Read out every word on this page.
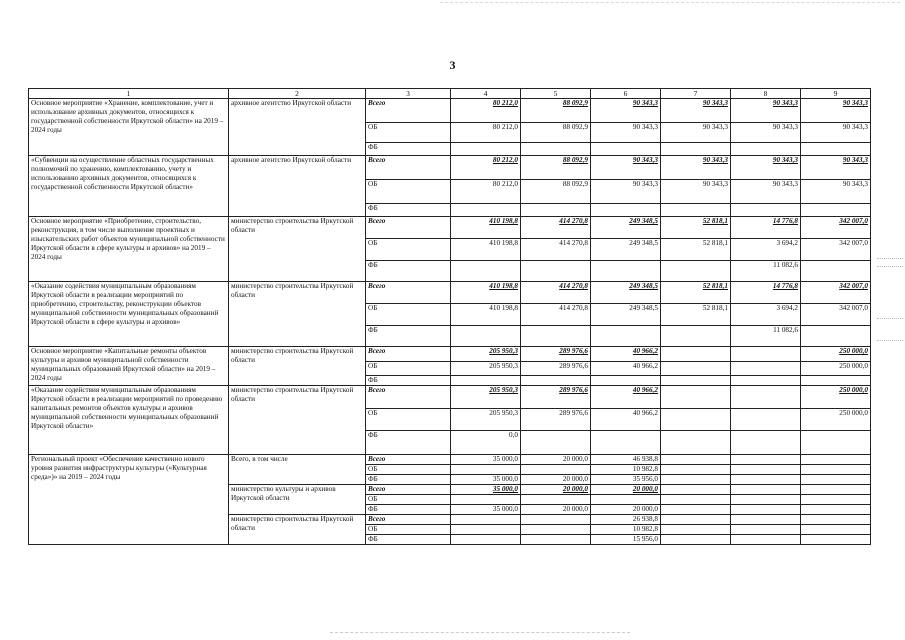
3
1	2	3	4	5	6	7	8	9
Основное мероприятие «Хранение, комплектование, учет и использование архивных документов, относящихся к государственной собственности Иркутской области» на 2019 – 2024 годы	архивное агентство Иркутской области	Всего	80 212,0	88 092,9	90 343,3	90 343,3	90 343,3	90 343,3
		ОБ	80 212,0	88 092,9	90 343,3	90 343,3	90 343,3	90 343,3
		ФБ						
«Субвенции на осуществление областных государственных полномочий по хранению, комплектованию, учету и использованию архивных документов, относящихся к государственной собственности Иркутской области»	архивное агентство Иркутской области	Всего	80 212,0	88 092,9	90 343,3	90 343,3	90 343,3	90 343,3
		ОБ	80 212,0	88 092,9	90 343,3	90 343,3	90 343,3	90 343,3
		ФБ						
Основное мероприятие «Приобретение, строительство, реконструкция, в том числе выполнение проектных и изыскательских работ объектов муниципальной собственности Иркутской области в сфере культуры и архивов» на 2019 – 2024 годы	министерство строительства Иркутской области	Всего	410 198,8	414 270,8	249 348,5	52 818,1	14 776,8	342 007,0
		ОБ	410 198,8	414 270,8	249 348,5	52 818,1	3 694,2	342 007,0
		ФБ					11 082,6	
«Оказание содействия муниципальным образованиям Иркутской области в реализации мероприятий по приобретению, строительству, реконструкции объектов муниципальной собственности муниципальных образований Иркутской области в сфере культуры и архивов»	министерство строительства Иркутской области	Всего	410 198,8	414 270,8	249 348,5	52 818,1	14 776,8	342 007,0
		ОБ	410 198,8	414 270,8	249 348,5	52 818,1	3 694,2	342 007,0
		ФБ					11 082,6	
Основное мероприятие «Капитальные ремонты объектов культуры и архивов муниципальной собственности муниципальных образований Иркутской области» на 2019 – 2024 годы	министерство строительства Иркутской области	Всего	205 950,3	289 976,6	40 966,2			250 000,0
		ОБ	205 950,3	289 976,6	40 966,2			250 000,0
		ФБ						
«Оказание содействия муниципальным образованиям Иркутской области в реализации мероприятий по проведению капитальных ремонтов объектов культуры и архивов муниципальной собственности муниципальных образований Иркутской области»	министерство строительства Иркутской области	Всего	205 950,3	289 976,6	40 966,2			250 000,0
		ОБ	205 950,3	289 976,6	40 966,2			250 000,0
		ФБ	0,0					
Региональный проект «Обеспечение качественно нового уровня развития инфраструктуры культуры («Культурная среда»)» на 2019 – 2024 годы	Всего, в том числе	Всего	35 000,0	20 000,0	46 938,8			
		ОБ			10 982,8			
		ФБ	35 000,0	20 000,0	35 956,0			
	министерство культуры и архивов Иркутской области	Всего	35 000,0	20 000,0	20 000,0			
		ОБ						
		ФБ	35 000,0	20 000,0	20 000,0			
	министерство строительства Иркутской области	Всего			26 938,8			
		ОБ			10 982,8			
		ФБ			15 956,0			
